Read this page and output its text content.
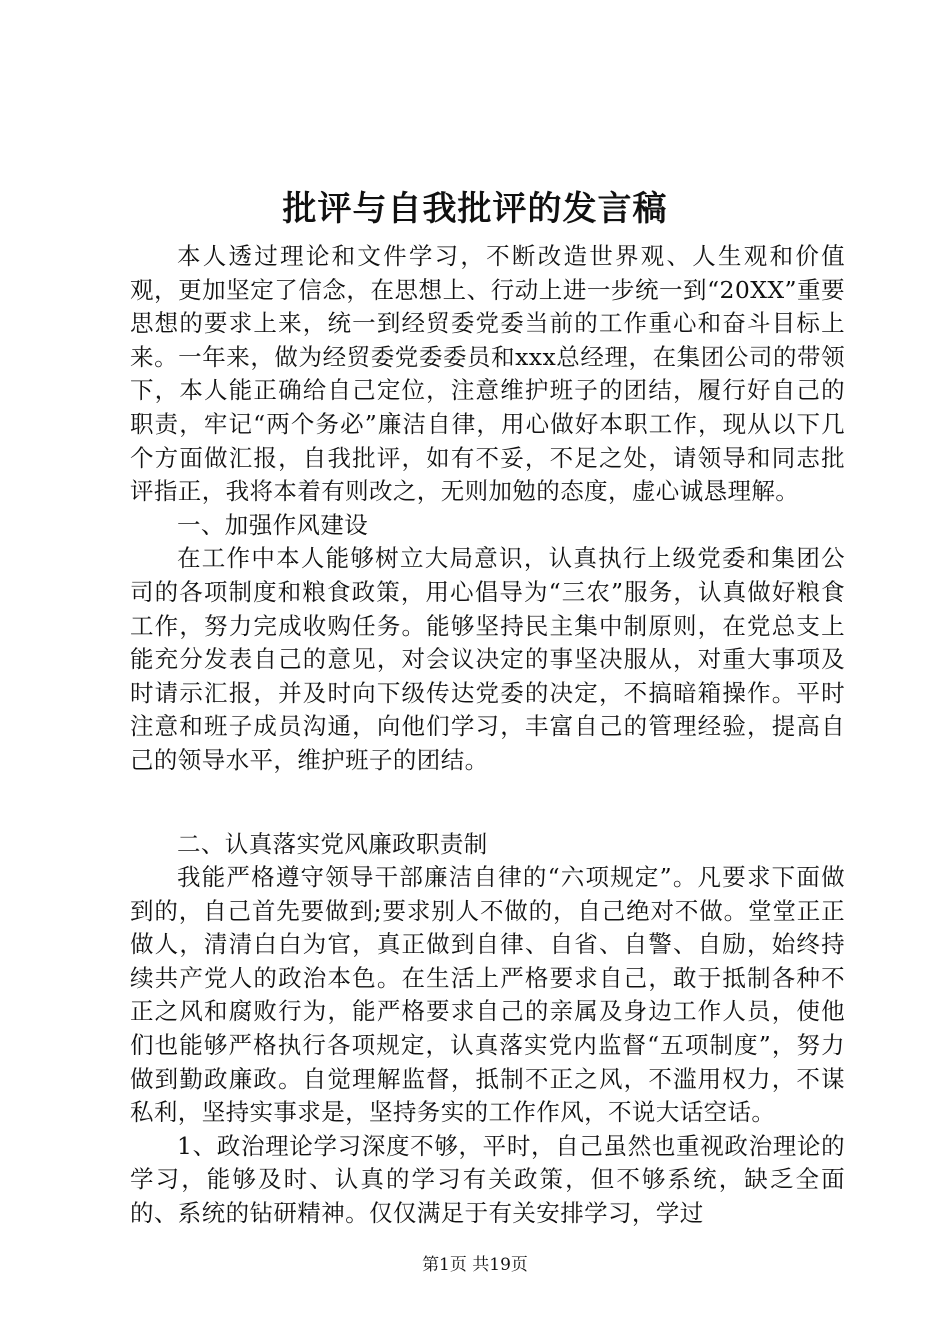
批评与自我批评的发言稿

本人透过理论和文件学习，不断改造世界观、人生观和价值观，更加坚定了信念，在思想上、行动上进一步统一到“20XX”重要思想的要求上来，统一到经贸委党委当前的工作重心和奋斗目标上来。一年来，做为经贸委党委委员和xxx总经理，在集团公司的带领下，本人能正确给自己定位，注意维护班子的团结，履行好自己的职责，牢记“两个务必”廉洁自律，用心做好本职工作，现从以下几个方面做汇报，自我批评，如有不妥，不足之处，请领导和同志批评指正，我将本着有则改之，无则加勉的态度，虚心诚恳理解。

一、加强作风建设

在工作中本人能够树立大局意识，认真执行上级党委和集团公司的各项制度和粮食政策，用心倡导为“三农”服务，认真做好粮食工作，努力完成收购任务。能够坚持民主集中制原则，在党总支上能充分发表自己的意见，对会议决定的事坚决服从，对重大事项及时请示汇报，并及时向下级传达党委的决定，不搞暗箱操作。平时注意和班子成员沟通，向他们学习，丰富自己的管理经验，提高自己的领导水平，维护班子的团结。

二、认真落实党风廉政职责制

我能严格遵守领导干部廉洁自律的“六项规定”。凡要求下面做到的，自己首先要做到;要求别人不做的，自己绝对不做。堂堂正正做人，清清白白为官，真正做到自律、自省、自警、自励，始终持续共产党人的政治本色。在生活上严格要求自己，敢于抵制各种不正之风和腐败行为，能严格要求自己的亲属及身边工作人员，使他们也能够严格执行各项规定，认真落实党内监督“五项制度”，努力做到勤政廉政。自觉理解监督，抵制不正之风，不滥用权力，不谋私利，坚持实事求是，坚持务实的工作作风，不说大话空话。

1、政治理论学习深度不够，平时，自己虽然也重视政治理论的学习，能够及时、认真的学习有关政策，但不够系统，缺乏全面的、系统的钻研精神。仅仅满足于有关安排学习，学过

第1页 共19页
